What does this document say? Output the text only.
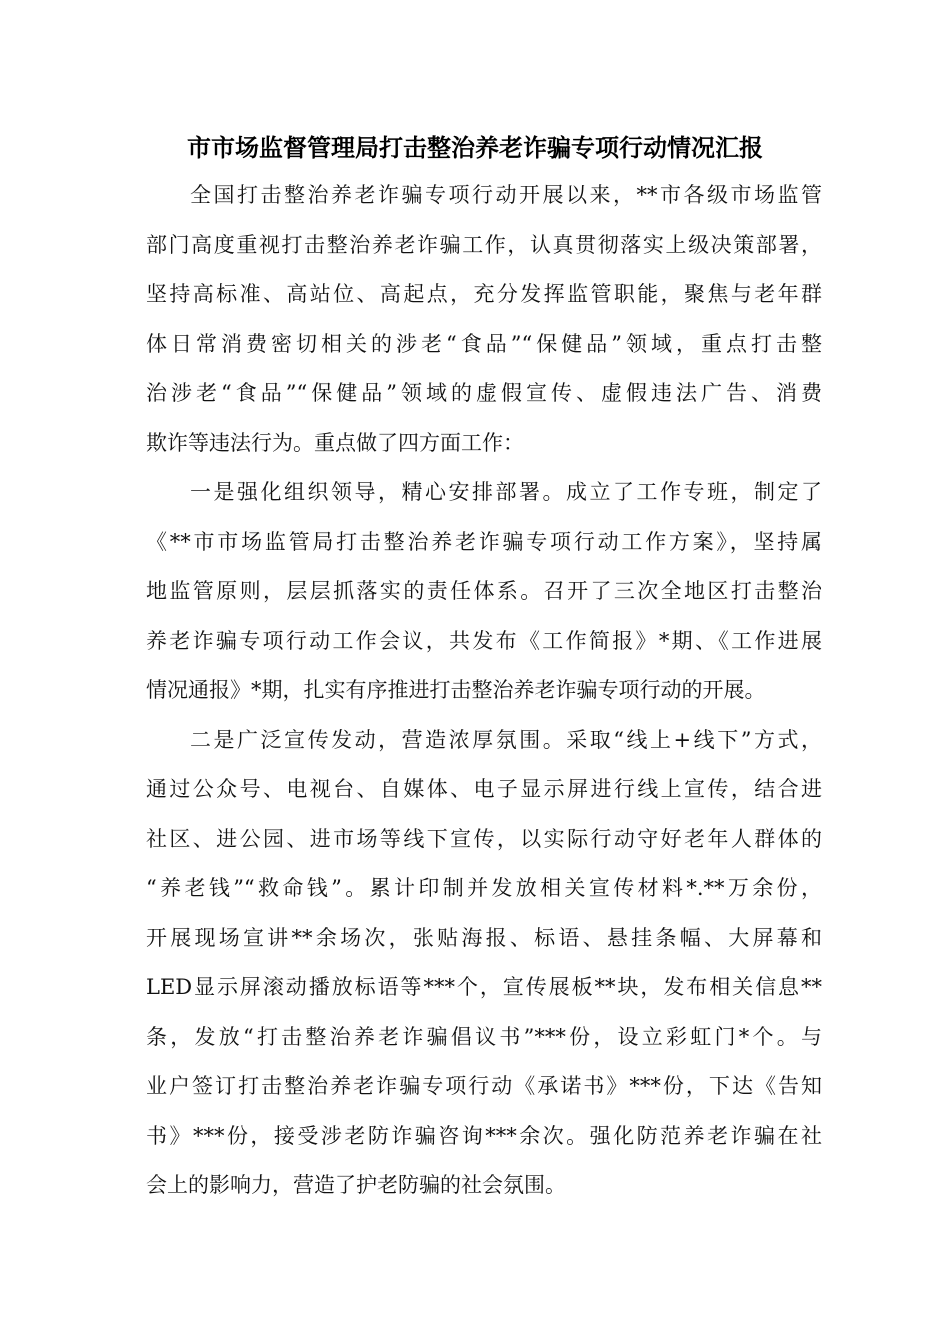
市市场监督管理局打击整治养老诈骗专项行动情况汇报

全国打击整治养老诈骗专项行动开展以来，**市各级市场监管

部门高度重视打击整治养老诈骗工作，认真贯彻落实上级决策部署，

坚持高标准、高站位、高起点，充分发挥监管职能，聚焦与老年群

体日常消费密切相关的涉老“食品”“保健品”领域，重点打击整

治涉老“食品”“保健品”领域的虚假宣传、虚假违法广告、消费

欺诈等违法行为。重点做了四方面工作：

一是强化组织领导，精心安排部署。成立了工作专班，制定了

《**市市场监管局打击整治养老诈骗专项行动工作方案》，坚持属

地监管原则，层层抓落实的责任体系。召开了三次全地区打击整治

养老诈骗专项行动工作会议，共发布《工作简报》*期、《工作进展

情况通报》*期，扎实有序推进打击整治养老诈骗专项行动的开展。

二是广泛宣传发动，营造浓厚氛围。采取“线上+线下”方式，

通过公众号、电视台、自媒体、电子显示屏进行线上宣传，结合进

社区、进公园、进市场等线下宣传，以实际行动守好老年人群体的

“养老钱”“救命钱”。累计印制并发放相关宣传材料*.**万余份，

开展现场宣讲**余场次，张贴海报、标语、悬挂条幅、大屏幕和

LED显示屏滚动播放标语等***个，宣传展板**块，发布相关信息**

条，发放“打击整治养老诈骗倡议书”***份，设立彩虹门*个。与

业户签订打击整治养老诈骗专项行动《承诺书》***份，下达《告知

书》***份，接受涉老防诈骗咨询***余次。强化防范养老诈骗在社

会上的影响力，营造了护老防骗的社会氛围。
